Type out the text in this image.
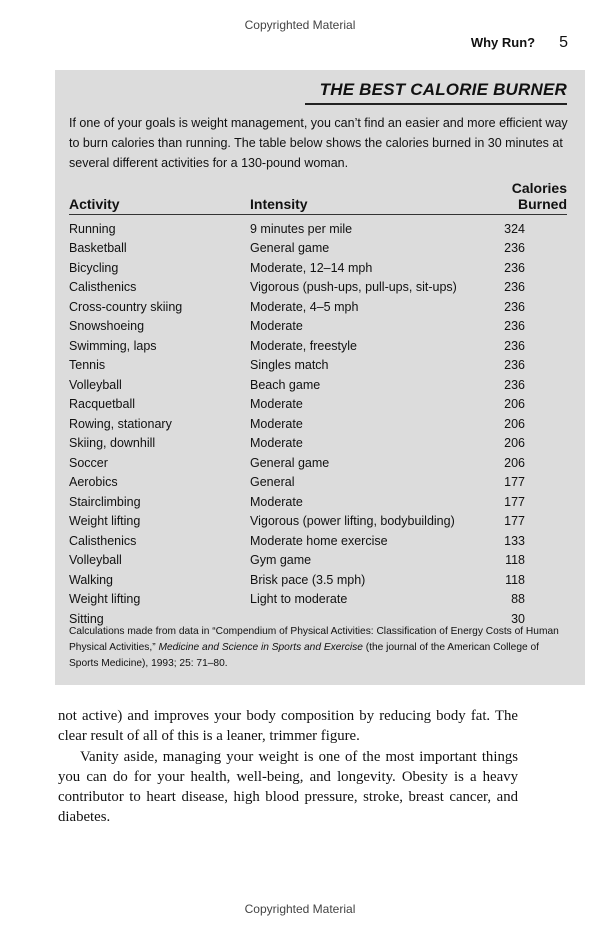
Copyrighted Material
Why Run? 5
THE BEST CALORIE BURNER
If one of your goals is weight management, you can’t find an easier and more efficient way to burn calories than running. The table below shows the calories burned in 30 minutes at several different activities for a 130-pound woman.
Activity	Intensity	Calories Burned
Running	9 minutes per mile	324
Basketball	General game	236
Bicycling	Moderate, 12–14 mph	236
Calisthenics	Vigorous (push-ups, pull-ups, sit-ups)	236
Cross-country skiing	Moderate, 4–5 mph	236
Snowshoeing	Moderate	236
Swimming, laps	Moderate, freestyle	236
Tennis	Singles match	236
Volleyball	Beach game	236
Racquetball	Moderate	206
Rowing, stationary	Moderate	206
Skiing, downhill	Moderate	206
Soccer	General game	206
Aerobics	General	177
Stairclimbing	Moderate	177
Weight lifting	Vigorous (power lifting, bodybuilding)	177
Calisthenics	Moderate home exercise	133
Volleyball	Gym game	118
Walking	Brisk pace (3.5 mph)	118
Weight lifting	Light to moderate	88
Sitting		30
Calculations made from data in “Compendium of Physical Activities: Classification of Energy Costs of Human Physical Activities,” Medicine and Science in Sports and Exercise (the journal of the American College of Sports Medicine), 1993; 25: 71–80.

not active) and improves your body composition by reducing body fat. The clear result of all of this is a leaner, trimmer figure.

Vanity aside, managing your weight is one of the most important things you can do for your health, well-being, and longevity. Obesity is a heavy contributor to heart disease, high blood pressure, stroke, breast cancer, and diabetes.

Copyrighted Material
